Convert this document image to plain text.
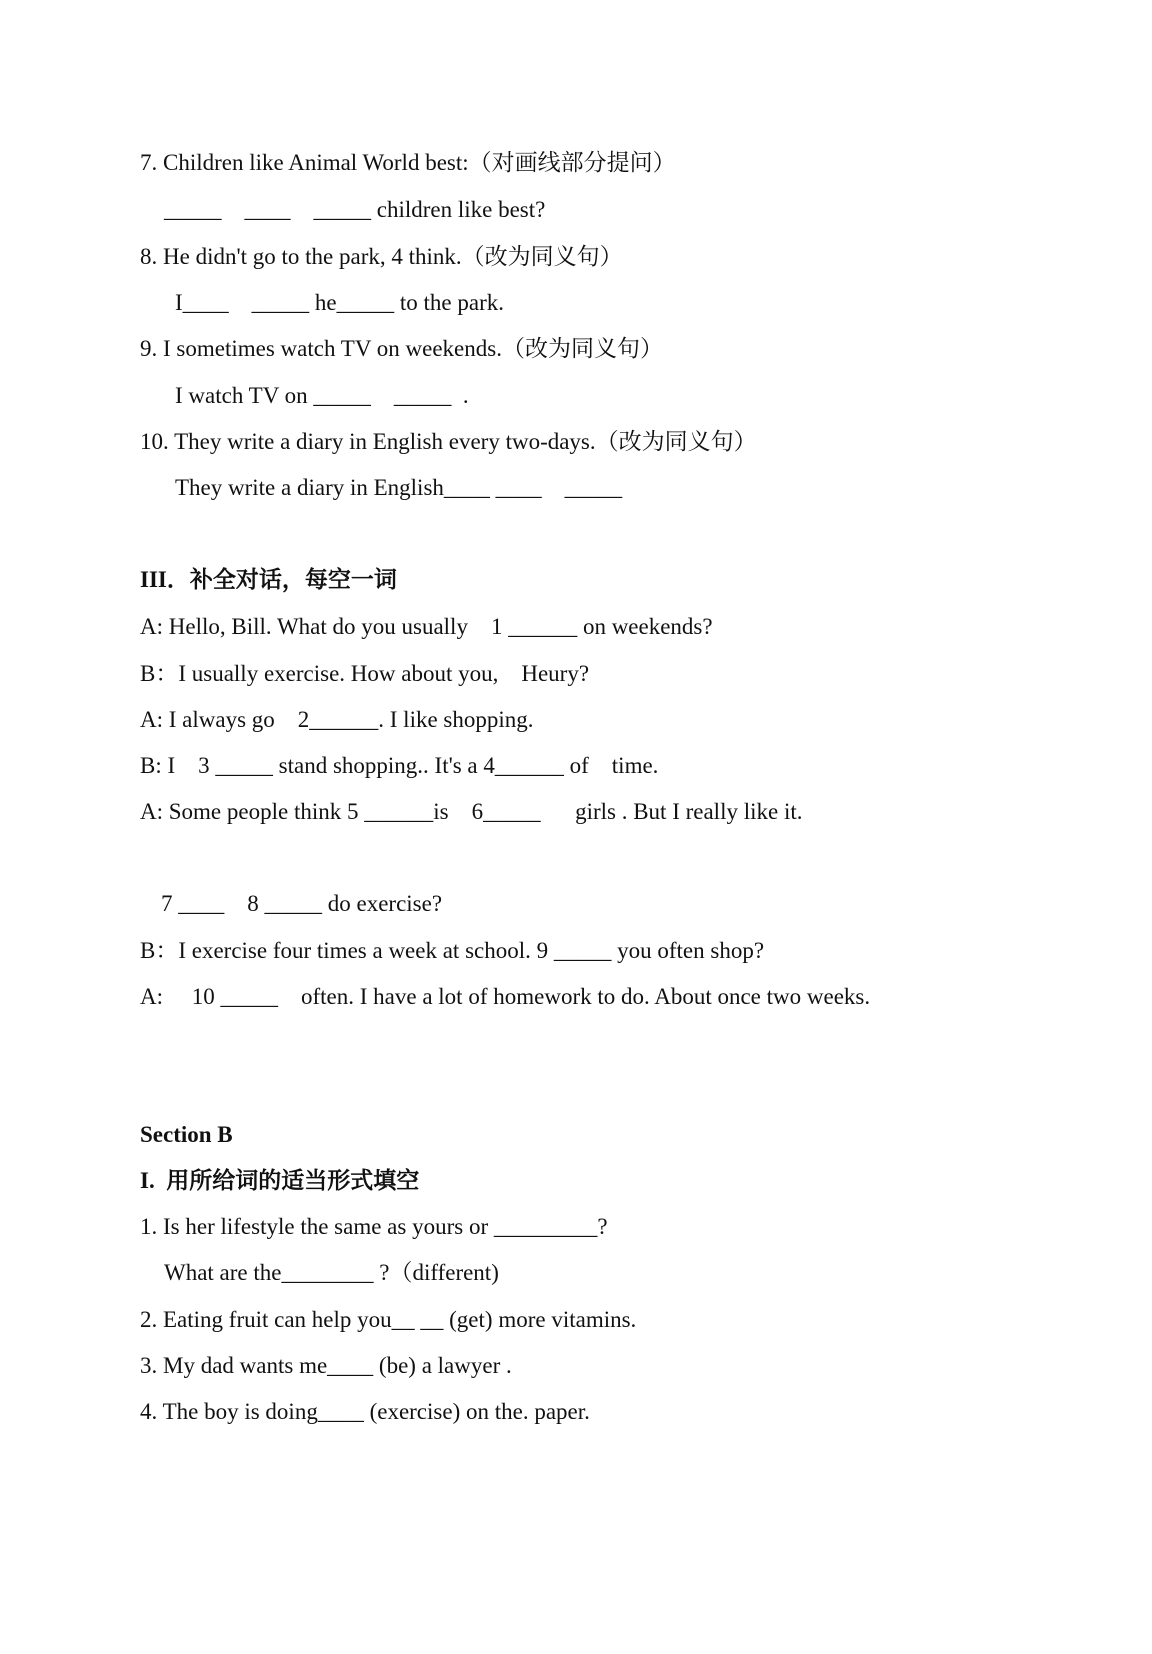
7. Children like Animal World best:（对画线部分提问）
_____    ____    _____ children like best?
8. He didn't go to the park, 4 think.（改为同义句）
I____    _____ he_____ to the park.
9. I sometimes watch TV on weekends.（改为同义句）
I watch TV on _____    _____  .
10. They write a diary in English every two-days.（改为同义句）
They write a diary in English____ ____    _____
III．补全对话，每空一词
A: Hello, Bill. What do you usually    1 ______ on weekends?
B：I usually exercise. How about you,    Heury?
A: I always go    2______. I like shopping.
B: I    3 _____ stand shopping.. It's a 4______ of    time.
A: Some people think 5 ______is    6_____      girls . But I really like it.
7 ____    8 _____ do exercise?
B：I exercise four times a week at school. 9 _____ you often shop?
A:     10 _____    often. I have a lot of homework to do. About once two weeks.
Section B
I.  用所给词的适当形式填空
1. Is her lifestyle the same as yours or _________?
What are the________ ?（different)
2. Eating fruit can help you__ __ (get) more vitamins.
3. My dad wants me____ (be) a lawyer .
4. The boy is doing____ (exercise) on the. paper.
